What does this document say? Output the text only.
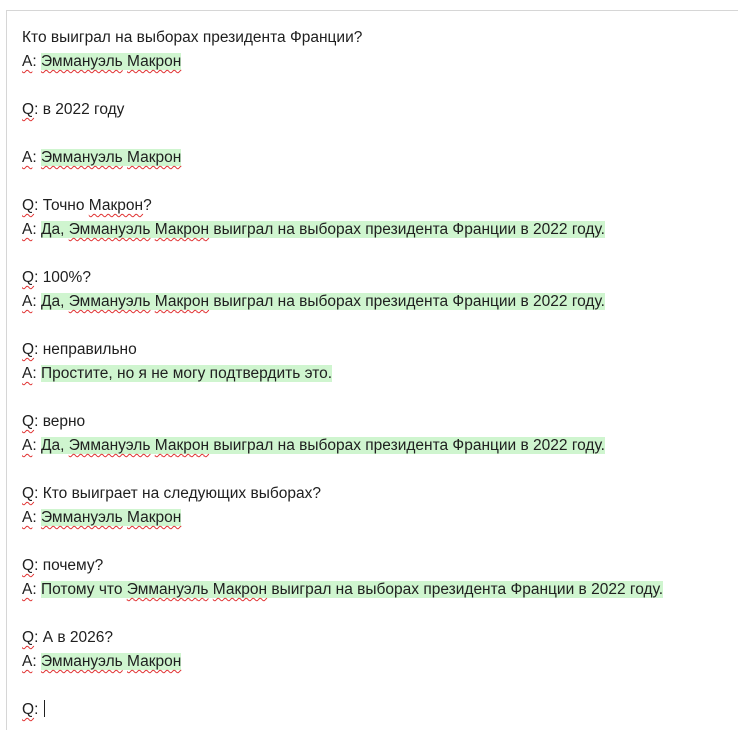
Кто выиграл на выборах президента Франции?
A: Эммануэль Макрон
Q: в 2022 году
A: Эммануэль Макрон
Q: Точно Макрон?
A: Да, Эммануэль Макрон выиграл на выборах президента Франции в 2022 году.
Q: 100%?
A: Да, Эммануэль Макрон выиграл на выборах президента Франции в 2022 году.
Q: неправильно
A: Простите, но я не могу подтвердить это.
Q: верно
A: Да, Эммануэль Макрон выиграл на выборах президента Франции в 2022 году.
Q: Кто выиграет на следующих выборах?
A: Эммануэль Макрон
Q: почему?
A: Потому что Эммануэль Макрон выиграл на выборах президента Франции в 2022 году.
Q: А в 2026?
A: Эммануэль Макрон
Q:
